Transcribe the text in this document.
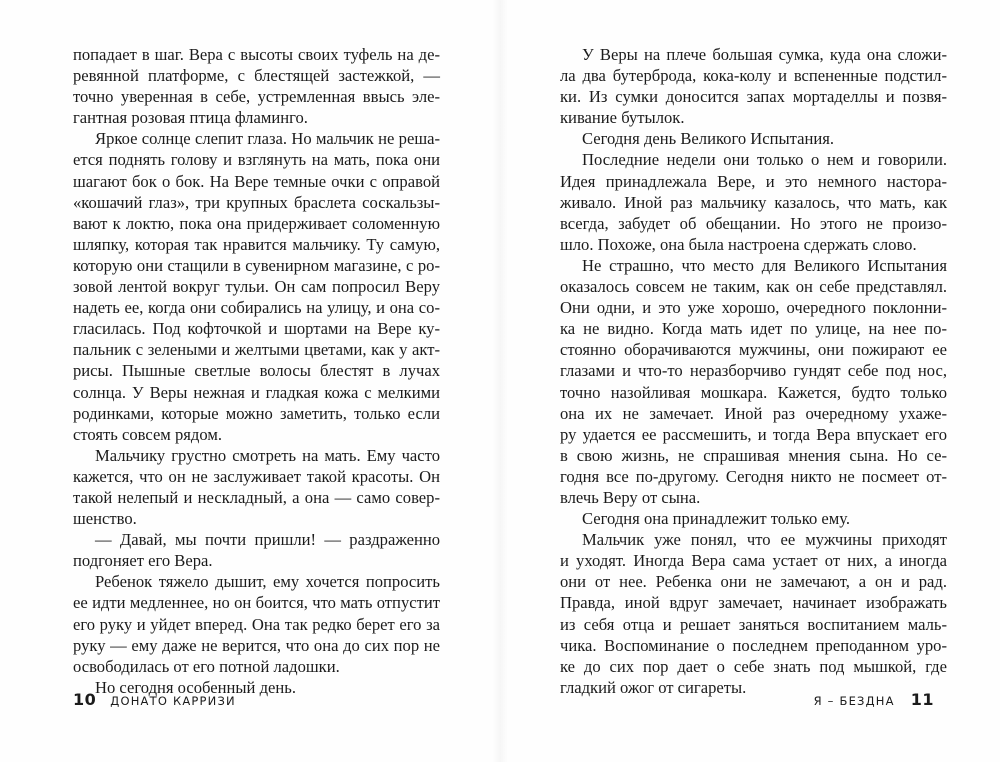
попадает в шаг. Вера с высоты своих туфель на де-
ревянной платформе, с блестящей застежкой, —
точно уверенная в себе, устремленная ввысь эле-
гантная розовая птица фламинго.
Яркое солнце слепит глаза. Но мальчик не реша-
ется поднять голову и взглянуть на мать, пока они
шагают бок о бок. На Вере темные очки с оправой
«кошачий глаз», три крупных браслета соскальзы-
вают к локтю, пока она придерживает соломенную
шляпку, которая так нравится мальчику. Ту самую,
которую они стащили в сувенирном магазине, с ро-
зовой лентой вокруг тульи. Он сам попросил Веру
надеть ее, когда они собирались на улицу, и она со-
гласилась. Под кофточкой и шортами на Вере ку-
пальник с зелеными и желтыми цветами, как у акт-
рисы. Пышные светлые волосы блестят в лучах
солнца. У Веры нежная и гладкая кожа с мелкими
родинками, которые можно заметить, только если
стоять совсем рядом.
Мальчику грустно смотреть на мать. Ему часто
кажется, что он не заслуживает такой красоты. Он
такой нелепый и нескладный, а она — само совер-
шенство.
— Давай, мы почти пришли! — раздраженно
подгоняет его Вера.
Ребенок тяжело дышит, ему хочется попросить
ее идти медленнее, но он боится, что мать отпустит
его руку и уйдет вперед. Она так редко берет его за
руку — ему даже не верится, что она до сих пор не
освободилась от его потной ладошки.
Но сегодня особенный день.
10 ДОНАТО КАРРИЗИ
У Веры на плече большая сумка, куда она сложи-
ла два бутерброда, кока-колу и вспененные подстил-
ки. Из сумки доносится запах мортаделлы и позвя-
кивание бутылок.
Сегодня день Великого Испытания.
Последние недели они только о нем и говорили.
Идея принадлежала Вере, и это немного настора-
живало. Иной раз мальчику казалось, что мать, как
всегда, забудет об обещании. Но этого не произо-
шло. Похоже, она была настроена сдержать слово.
Не страшно, что место для Великого Испытания
оказалось совсем не таким, как он себе представлял.
Они одни, и это уже хорошо, очередного поклонни-
ка не видно. Когда мать идет по улице, на нее по-
стоянно оборачиваются мужчины, они пожирают ее
глазами и что-то неразборчиво гундят себе под нос,
точно назойливая мошкара. Кажется, будто только
она их не замечает. Иной раз очередному ухаже-
ру удается ее рассмешить, и тогда Вера впускает его
в свою жизнь, не спрашивая мнения сына. Но се-
годня все по-другому. Сегодня никто не посмеет от-
влечь Веру от сына.
Сегодня она принадлежит только ему.
Мальчик уже понял, что ее мужчины приходят
и уходят. Иногда Вера сама устает от них, а иногда
они от нее. Ребенка они не замечают, а он и рад.
Правда, иной вдруг замечает, начинает изображать
из себя отца и решает заняться воспитанием маль-
чика. Воспоминание о последнем преподанном уро-
ке до сих пор дает о себе знать под мышкой, где
гладкий ожог от сигареты.
Я – БЕЗДНА 11
